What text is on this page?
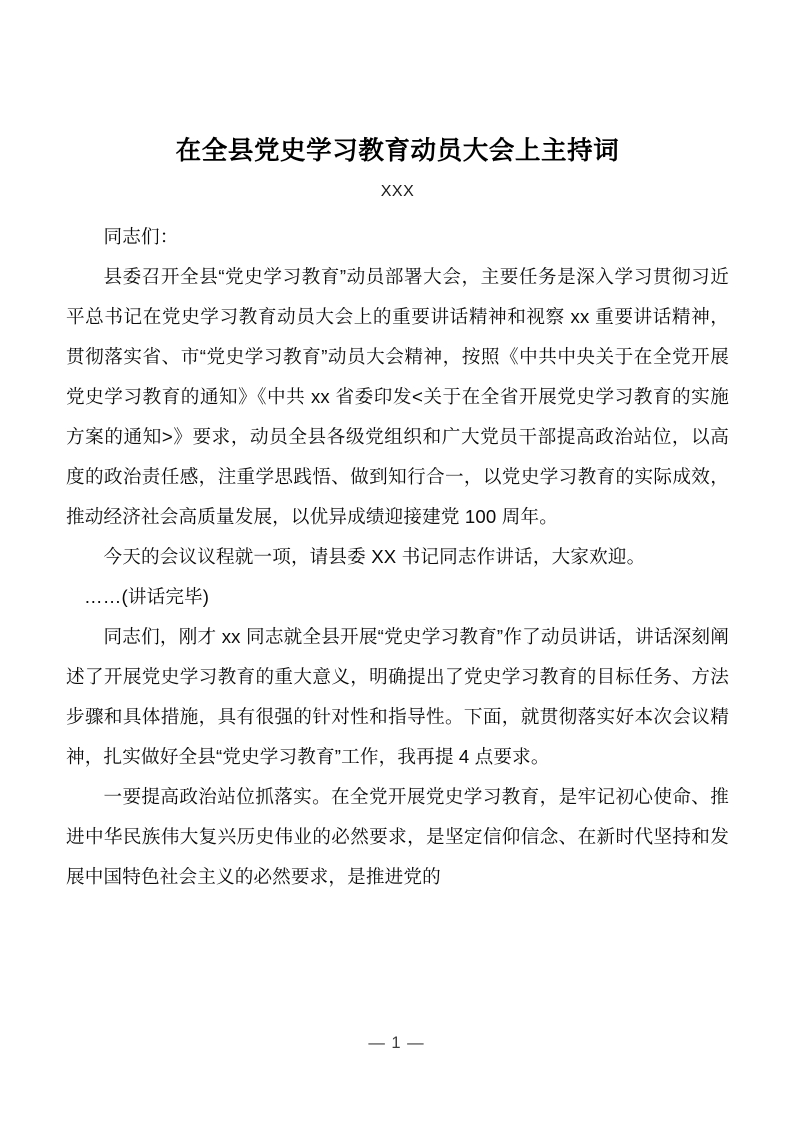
在全县党史学习教育动员大会上主持词
XXX

同志们：

县委召开全县“党史学习教育”动员部署大会，主要任务是深入学习贯彻习近平总书记在党史学习教育动员大会上的重要讲话精神和视察 xx 重要讲话精神，贯彻落实省、市“党史学习教育”动员大会精神，按照《中共中央关于在全党开展党史学习教育的通知》《中共 xx 省委印发<关于在全省开展党史学习教育的实施方案的通知>》要求，动员全县各级党组织和广大党员干部提高政治站位，以高度的政治责任感，注重学思践悟、做到知行合一，以党史学习教育的实际成效，推动经济社会高质量发展，以优异成绩迎接建党 100 周年。

今天的会议议程就一项，请县委 XX 书记同志作讲话，大家欢迎。

……(讲话完毕)

同志们，刚才 xx 同志就全县开展“党史学习教育”作了动员讲话，讲话深刻阐述了开展党史学习教育的重大意义，明确提出了党史学习教育的目标任务、方法步骤和具体措施，具有很强的针对性和指导性。下面，就贯彻落实好本次会议精神，扎实做好全县“党史学习教育”工作，我再提 4 点要求。

一要提高政治站位抓落实。在全党开展党史学习教育，是牢记初心使命、推进中华民族伟大复兴历史伟业的必然要求，是坚定信仰信念、在新时代坚持和发展中国特色社会主义的必然要求，是推进党的

— 1 —
